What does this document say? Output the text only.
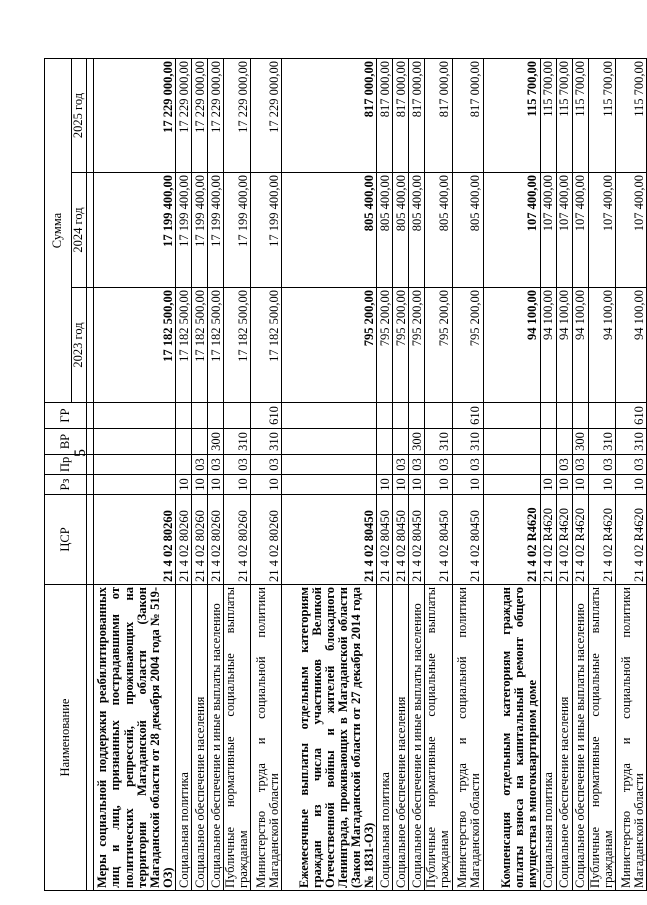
5
Наименование	ЦСР	Рз	Пр	ВР	ГР	Сумма		
						2023 год	2024 год	2025 год

Меры социальной поддержки реабилитированных лиц и лиц, признанных пострадавшими от политических репрессий, проживающих на территории Магаданской области (Закон Магаданской области от 28 декабря 2004 года № 519-ОЗ)	21 4 02 80260					17 182 500,00	17 199 400,00	17 229 000,00
Социальная политика	21 4 02 80260	10				17 182 500,00	17 199 400,00	17 229 000,00
Социальное обеспечение населения	21 4 02 80260	10	03			17 182 500,00	17 199 400,00	17 229 000,00
Социальное обеспечение и иные выплаты населению	21 4 02 80260	10	03	300		17 182 500,00	17 199 400,00	17 229 000,00
Публичные нормативные социальные выплаты гражданам	21 4 02 80260	10	03	310		17 182 500,00	17 199 400,00	17 229 000,00
Министерство труда и социальной политики Магаданской области	21 4 02 80260	10	03	310	610	17 182 500,00	17 199 400,00	17 229 000,00
Ежемесячные выплаты отдельным категориям граждан из числа участников Великой Отечественной войны и жителей блокадного Ленинграда, проживающих в Магаданской области (Закон Магаданской области от 27 декабря 2014 года № 1831-ОЗ)	21 4 02 80450					795 200,00	805 400,00	817 000,00
Социальная политика	21 4 02 80450	10				795 200,00	805 400,00	817 000,00
Социальное обеспечение населения	21 4 02 80450	10	03			795 200,00	805 400,00	817 000,00
Социальное обеспечение и иные выплаты населению	21 4 02 80450	10	03	300		795 200,00	805 400,00	817 000,00
Публичные нормативные социальные выплаты гражданам	21 4 02 80450	10	03	310		795 200,00	805 400,00	817 000,00
Министерство труда и социальной политики Магаданской области	21 4 02 80450	10	03	310	610	795 200,00	805 400,00	817 000,00
Компенсация отдельным категориям граждан оплаты взноса на капитальный ремонт общего имущества в многоквартирном доме	21 4 02 R4620					94 100,00	107 400,00	115 700,00
Социальная политика	21 4 02 R4620	10				94 100,00	107 400,00	115 700,00
Социальное обеспечение населения	21 4 02 R4620	10	03			94 100,00	107 400,00	115 700,00
Социальное обеспечение и иные выплаты населению	21 4 02 R4620	10	03	300		94 100,00	107 400,00	115 700,00
Публичные нормативные социальные выплаты гражданам	21 4 02 R4620	10	03	310		94 100,00	107 400,00	115 700,00
Министерство труда и социальной политики Магаданской области	21 4 02 R4620	10	03	310	610	94 100,00	107 400,00	115 700,00
